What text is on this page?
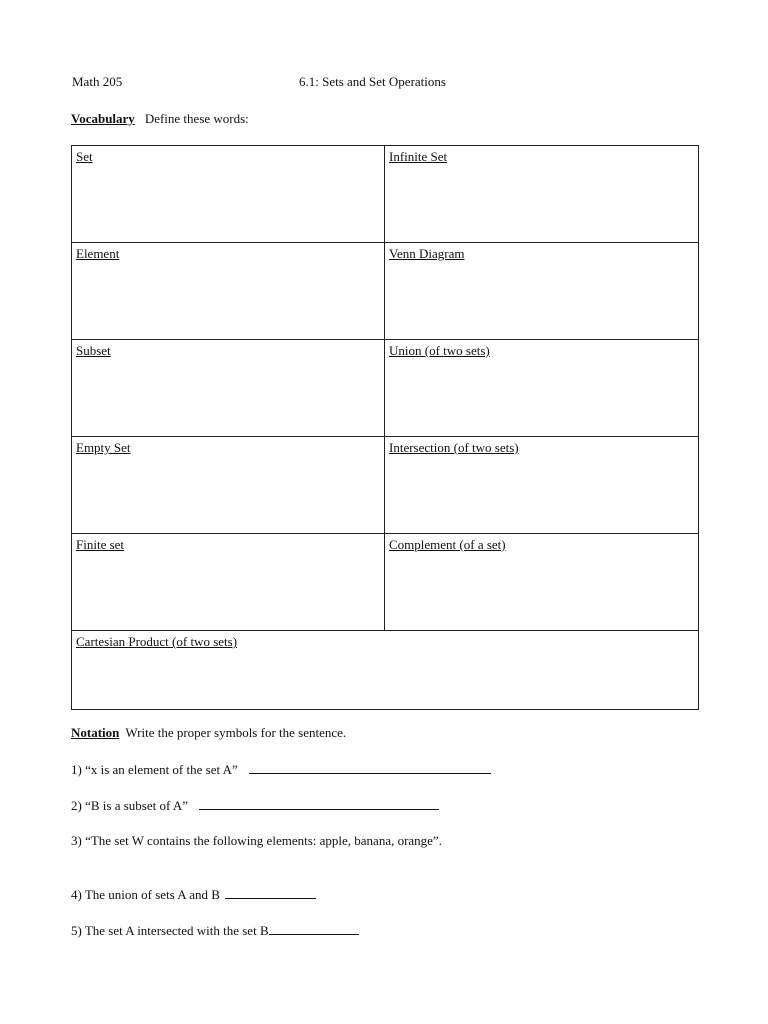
Math 205	6.1: Sets and Set Operations
Vocabulary Define these words:
Set	Infinite Set
Element	Venn Diagram
Subset	Union (of two sets)
Empty Set	Intersection (of two sets)
Finite set	Complement (of a set)
Cartesian Product (of two sets)	
Notation Write the proper symbols for the sentence.
1) “x is an element of the set A”
2) “B is a subset of A”
3) “The set W contains the following elements: apple, banana, orange”.
4) The union of sets A and B
5) The set A intersected with the set B
